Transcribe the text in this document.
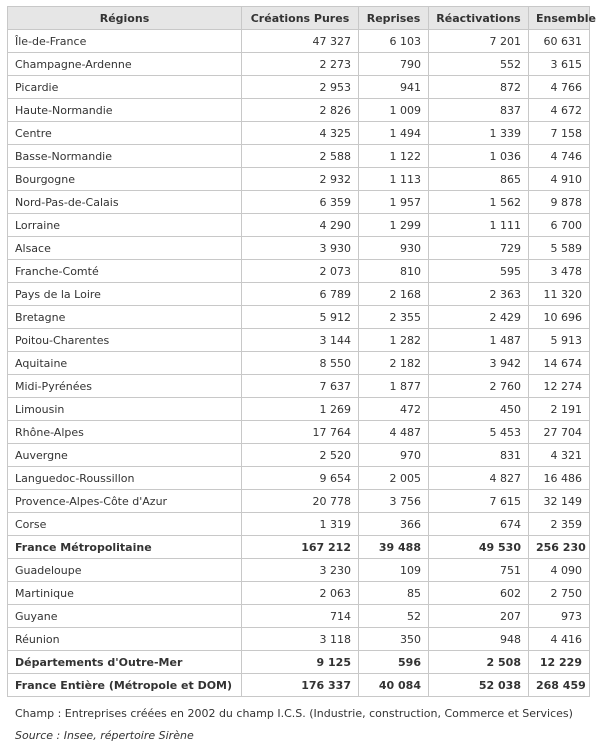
Régions	Créations Pures	Reprises	Réactivations	Ensemble
Île-de-France	47 327	6 103	7 201	60 631
Champagne-Ardenne	2 273	790	552	3 615
Picardie	2 953	941	872	4 766
Haute-Normandie	2 826	1 009	837	4 672
Centre	4 325	1 494	1 339	7 158
Basse-Normandie	2 588	1 122	1 036	4 746
Bourgogne	2 932	1 113	865	4 910
Nord-Pas-de-Calais	6 359	1 957	1 562	9 878
Lorraine	4 290	1 299	1 111	6 700
Alsace	3 930	930	729	5 589
Franche-Comté	2 073	810	595	3 478
Pays de la Loire	6 789	2 168	2 363	11 320
Bretagne	5 912	2 355	2 429	10 696
Poitou-Charentes	3 144	1 282	1 487	5 913
Aquitaine	8 550	2 182	3 942	14 674
Midi-Pyrénées	7 637	1 877	2 760	12 274
Limousin	1 269	472	450	2 191
Rhône-Alpes	17 764	4 487	5 453	27 704
Auvergne	2 520	970	831	4 321
Languedoc-Roussillon	9 654	2 005	4 827	16 486
Provence-Alpes-Côte d'Azur	20 778	3 756	7 615	32 149
Corse	1 319	366	674	2 359
France Métropolitaine	167 212	39 488	49 530	256 230
Guadeloupe	3 230	109	751	4 090
Martinique	2 063	85	602	2 750
Guyane	714	52	207	973
Réunion	3 118	350	948	4 416
Départements d'Outre-Mer	9 125	596	2 508	12 229
France Entière (Métropole et DOM)	176 337	40 084	52 038	268 459
Champ : Entreprises créées en 2002 du champ I.C.S. (Industrie, construction, Commerce et Services)
Source : Insee, répertoire Sirène
